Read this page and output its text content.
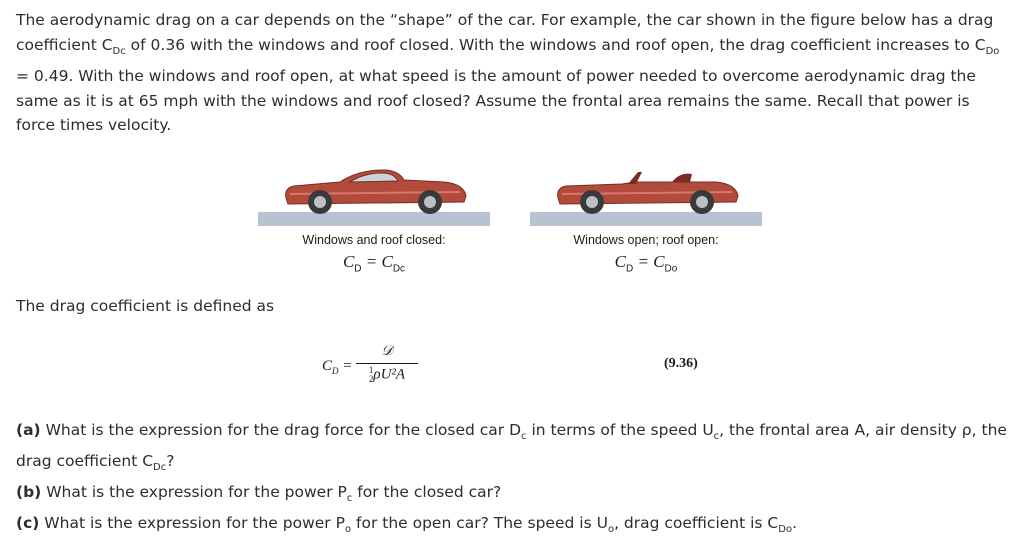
The aerodynamic drag on a car depends on the “shape” of the car. For example, the car shown in the figure below has a drag coefficient $C_{Dc}$ of 0.36 with the windows and roof closed. With the windows and roof open, the drag coefficient increases to $C_{Do} = 0.49$. With the windows and roof open, at what speed is the amount of power needed to overcome aerodynamic drag the same as it is at 65 mph with the windows and roof closed? Assume the frontal area remains the same. Recall that power is force times velocity.

Windows and roof closed:
$C_D = C_{Dc}$
Windows open; roof open:
$C_D = C_{Do}$

The drag coefficient is defined as

$C_D$ =
𝒟
1
2 ρU²A
(9.36)

(a) What is the expression for the drag force for the closed car $D_c$ in terms of the speed $U_c$, the frontal area A, air density ρ, the drag coefficient $C_{Dc}$?

(b) What is the expression for the power $P_c$ for the closed car?

(c) What is the expression for the power $P_o$ for the open car? The speed is $U_o$, drag coefficient is $C_{Do}$.
